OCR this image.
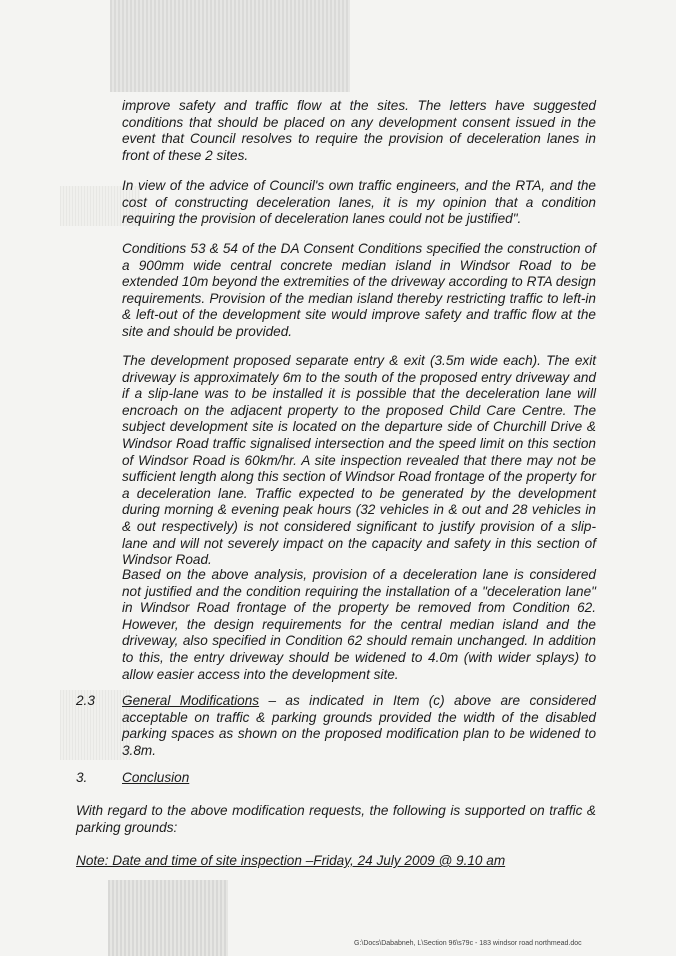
improve safety and traffic flow at the sites. The letters have suggested conditions that should be placed on any development consent issued in the event that Council resolves to require the provision of deceleration lanes in front of these 2 sites.

In view of the advice of Council's own traffic engineers, and the RTA, and the cost of constructing deceleration lanes, it is my opinion that a condition requiring the provision of deceleration lanes could not be justified".

Conditions 53 & 54 of the DA Consent Conditions specified the construction of a 900mm wide central concrete median island in Windsor Road to be extended 10m beyond the extremities of the driveway according to RTA design requirements. Provision of the median island thereby restricting traffic to left-in & left-out of the development site would improve safety and traffic flow at the site and should be provided.

The development proposed separate entry & exit (3.5m wide each). The exit driveway is approximately 6m to the south of the proposed entry driveway and if a slip-lane was to be installed it is possible that the deceleration lane will encroach on the adjacent property to the proposed Child Care Centre. The subject development site is located on the departure side of Churchill Drive & Windsor Road traffic signalised intersection and the speed limit on this section of Windsor Road is 60km/hr. A site inspection revealed that there may not be sufficient length along this section of Windsor Road frontage of the property for a deceleration lane. Traffic expected to be generated by the development during morning & evening peak hours (32 vehicles in & out and 28 vehicles in & out respectively) is not considered significant to justify provision of a slip-lane and will not severely impact on the capacity and safety in this section of Windsor Road.

Based on the above analysis, provision of a deceleration lane is considered not justified and the condition requiring the installation of a "deceleration lane" in Windsor Road frontage of the property be removed from Condition 62. However, the design requirements for the central median island and the driveway, also specified in Condition 62 should remain unchanged. In addition to this, the entry driveway should be widened to 4.0m (with wider splays) to allow easier access into the development site.

2.3 General Modifications – as indicated in Item (c) above are considered acceptable on traffic & parking grounds provided the width of the disabled parking spaces as shown on the proposed modification plan to be widened to 3.8m.

3.	Conclusion

With regard to the above modification requests, the following is supported on traffic & parking grounds:

Note: Date and time of site inspection –Friday, 24 July 2009 @ 9.10 am

G:\Docs\Dababneh, L\Section 96\s79c - 183 windsor road northmead.doc
